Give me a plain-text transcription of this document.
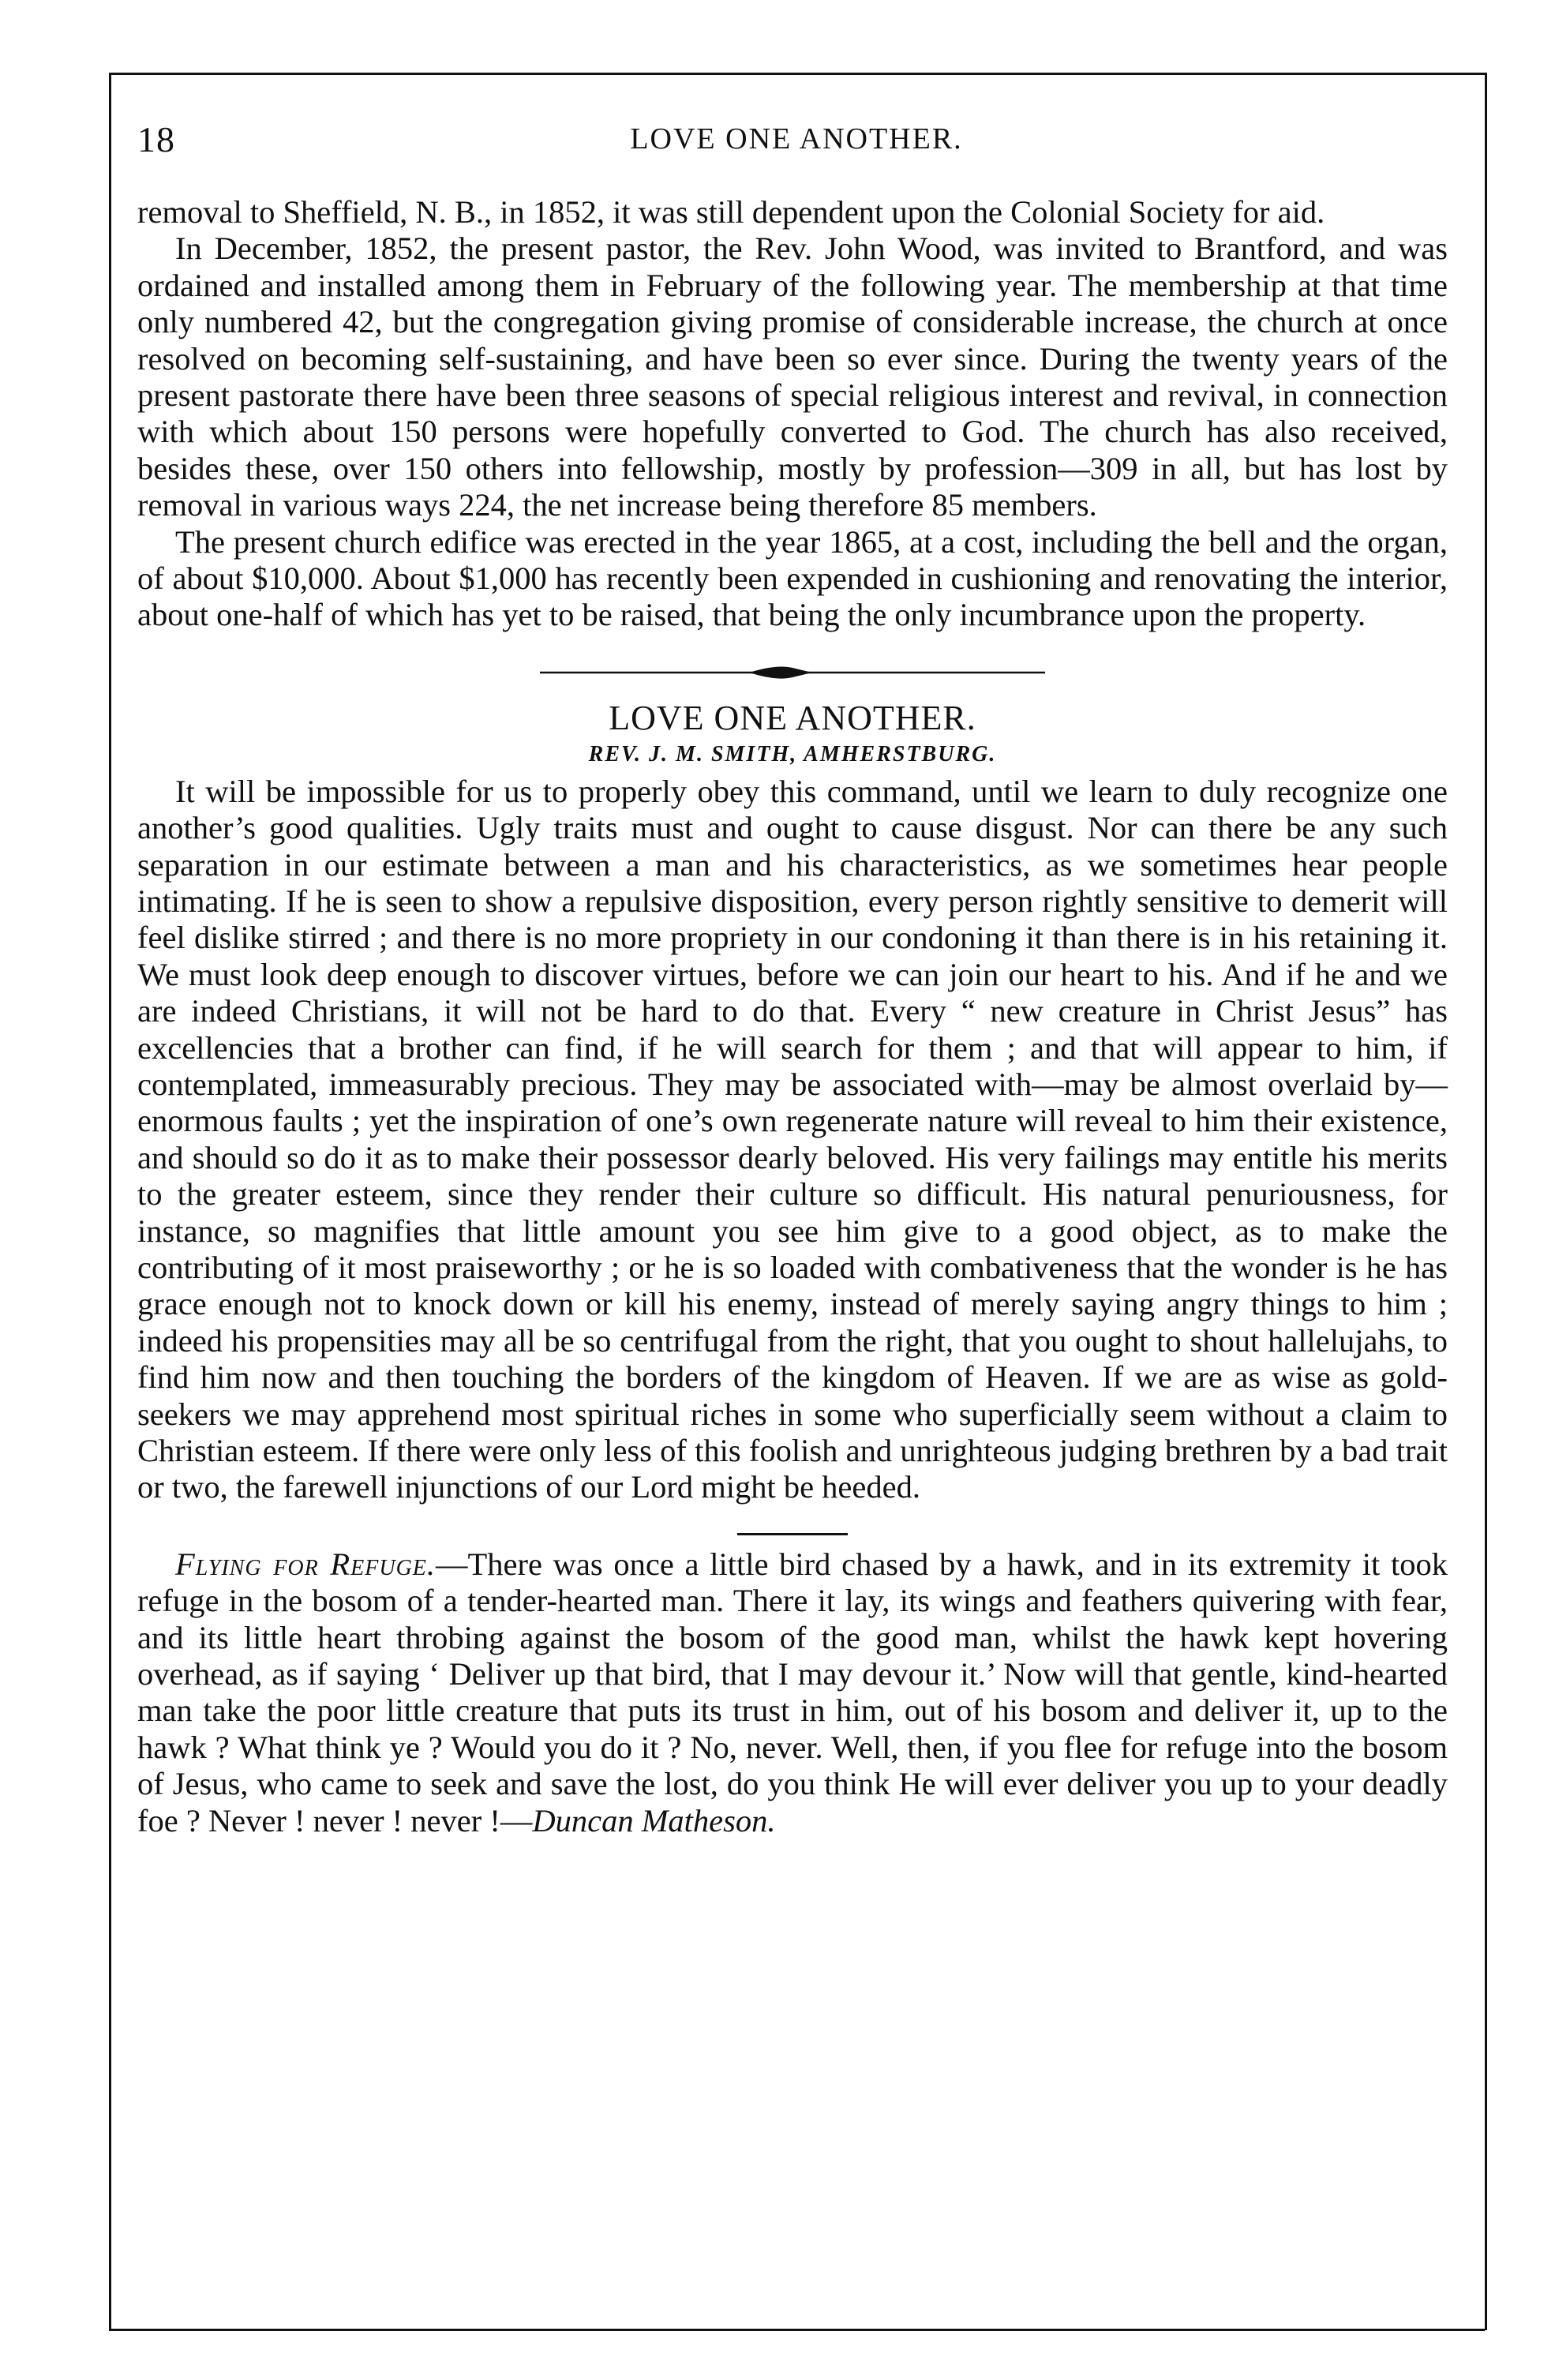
18	LOVE ONE ANOTHER.

removal to Sheffield, N. B., in 1852, it was still dependent upon the Colonial Society for aid.

In December, 1852, the present pastor, the Rev. John Wood, was invited to Brantford, and was ordained and installed among them in February of the following year. The membership at that time only numbered 42, but the congregation giving promise of considerable increase, the church at once resolved on becoming self-sustaining, and have been so ever since. During the twenty years of the present pastorate there have been three seasons of special religious interest and revival, in connection with which about 150 persons were hopefully converted to God. The church has also received, besides these, over 150 others into fellowship, mostly by profession—309 in all, but has lost by removal in various ways 224, the net increase being therefore 85 members.

The present church edifice was erected in the year 1865, at a cost, including the bell and the organ, of about $10,000. About $1,000 has recently been expended in cushioning and renovating the interior, about one-half of which has yet to be raised, that being the only incumbrance upon the property.

LOVE ONE ANOTHER.

REV. J. M. SMITH, AMHERSTBURG.

It will be impossible for us to properly obey this command, until we learn to duly recognize one another’s good qualities. Ugly traits must and ought to cause disgust. Nor can there be any such separation in our estimate between a man and his characteristics, as we sometimes hear people intimating. If he is seen to show a repulsive disposition, every person rightly sensitive to demerit will feel dislike stirred ; and there is no more propriety in our condoning it than there is in his retaining it. We must look deep enough to discover virtues, before we can join our heart to his. And if he and we are indeed Christians, it will not be hard to do that. Every “ new creature in Christ Jesus” has excellencies that a brother can find, if he will search for them ; and that will appear to him, if contemplated, immeasurably precious. They may be associated with—may be almost overlaid by—enormous faults ; yet the inspiration of one’s own regenerate nature will reveal to him their existence, and should so do it as to make their possessor dearly beloved. His very failings may entitle his merits to the greater esteem, since they render their culture so difficult. His natural penuriousness, for instance, so magnifies that little amount you see him give to a good object, as to make the contributing of it most praiseworthy ; or he is so loaded with combativeness that the wonder is he has grace enough not to knock down or kill his enemy, instead of merely saying angry things to him ; indeed his propensities may all be so centrifugal from the right, that you ought to shout hallelujahs, to find him now and then touching the borders of the kingdom of Heaven. If we are as wise as gold-seekers we may apprehend most spiritual riches in some who superficially seem without a claim to Christian esteem. If there were only less of this foolish and unrighteous judging brethren by a bad trait or two, the farewell injunctions of our Lord might be heeded.

Flying for Refuge.—There was once a little bird chased by a hawk, and in its extremity it took refuge in the bosom of a tender-hearted man. There it lay, its wings and feathers quivering with fear, and its little heart throbing against the bosom of the good man, whilst the hawk kept hovering overhead, as if saying ‘ Deliver up that bird, that I may devour it.’ Now will that gentle, kind-hearted man take the poor little creature that puts its trust in him, out of his bosom and deliver it, up to the hawk ? What think ye ? Would you do it ? No, never. Well, then, if you flee for refuge into the bosom of Jesus, who came to seek and save the lost, do you think He will ever deliver you up to your deadly foe ? Never ! never ! never !—Duncan Matheson.
